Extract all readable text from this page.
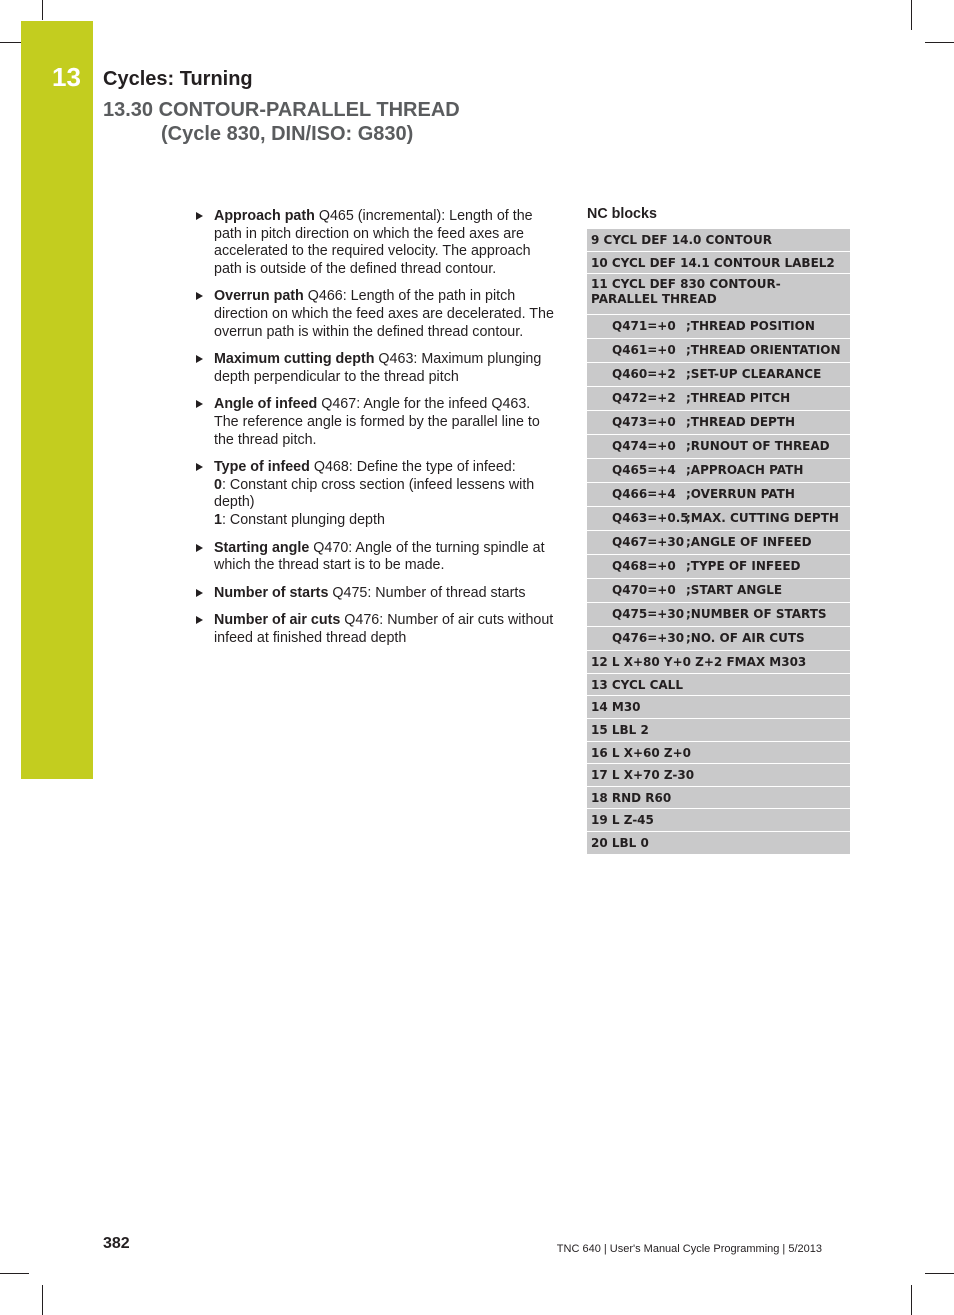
13 Cycles: Turning
13.30 CONTOUR-PARALLEL THREAD
(Cycle 830, DIN/ISO: G830)
Approach path Q465 (incremental): Length of the path in pitch direction on which the feed axes are accelerated to the required velocity. The approach path is outside of the defined thread contour.
Overrun path Q466: Length of the path in pitch direction on which the feed axes are decelerated. The overrun path is within the defined thread contour.
Maximum cutting depth Q463: Maximum plunging depth perpendicular to the thread pitch
Angle of infeed Q467: Angle for the infeed Q463. The reference angle is formed by the parallel line to the thread pitch.
Type of infeed Q468: Define the type of infeed:
0: Constant chip cross section (infeed lessens with depth)
1: Constant plunging depth
Starting angle Q470: Angle of the turning spindle at which the thread start is to be made.
Number of starts Q475: Number of thread starts
Number of air cuts Q476: Number of air cuts without infeed at finished thread depth
NC blocks
9 CYCL DEF 14.0 CONTOUR
10 CYCL DEF 14.1 CONTOUR LABEL2
11 CYCL DEF 830 CONTOUR-PARALLEL THREAD
Q471=+0 ;THREAD POSITION
Q461=+0 ;THREAD ORIENTATION
Q460=+2 ;SET-UP CLEARANCE
Q472=+2 ;THREAD PITCH
Q473=+0 ;THREAD DEPTH
Q474=+0 ;RUNOUT OF THREAD
Q465=+4 ;APPROACH PATH
Q466=+4 ;OVERRUN PATH
Q463=+0.5
;MAX. CUTTING DEPTH
Q467=+30 ;ANGLE OF INFEED
Q468=+0 ;TYPE OF INFEED
Q470=+0 ;START ANGLE
Q475=+30 ;NUMBER OF STARTS
Q476=+30 ;NO. OF AIR CUTS
12 L X+80 Y+0 Z+2 FMAX M303
13 CYCL CALL
14 M30
15 LBL 2
16 L X+60 Z+0
17 L X+70 Z-30
18 RND R60
19 L Z-45
20 LBL 0
382	TNC 640 | User's Manual Cycle Programming | 5/2013
